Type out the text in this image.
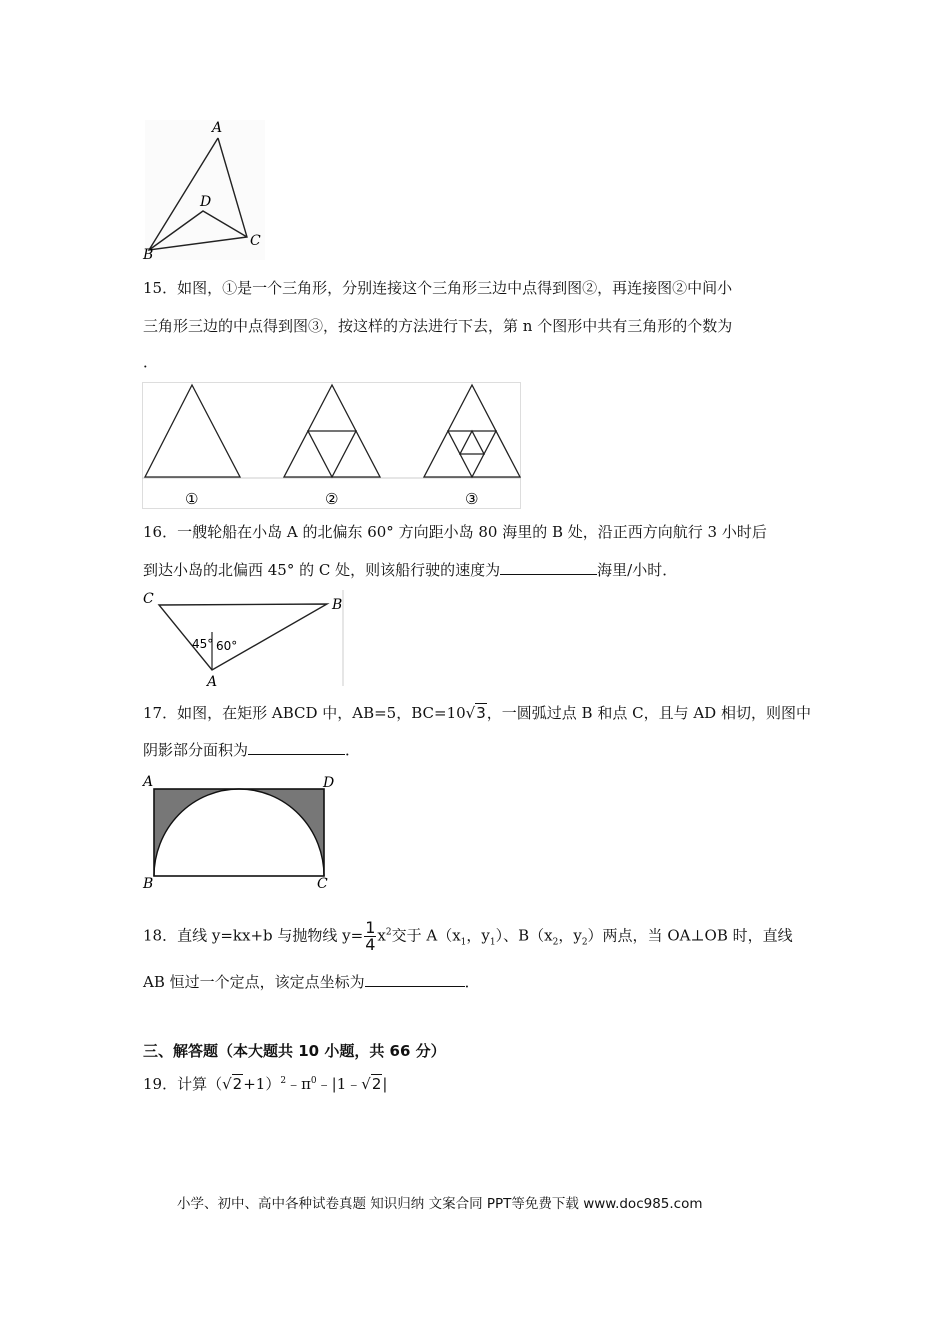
A
D
B
C
15．如图，①是一个三角形，分别连接这个三角形三边中点得到图②，再连接图②中间小
三角形三边的中点得到图③，按这样的方法进行下去，第 n 个图形中共有三角形的个数为
．
①	②	③
16．一艘轮船在小岛 A 的北偏东 60° 方向距小岛 80 海里的 B 处，沿正西方向航行 3 小时后
到达小岛的北偏西 45° 的 C 处，则该船行驶的速度为	海里/小时．
C	B
A
45° 60°
17．如图，在矩形 ABCD 中，AB=5，BC=10√3，一圆弧过点 B 和点 C，且与 AD 相切，则图中
阴影部分面积为	．
A	D
B	C
18．直线 y=kx+b 与抛物线 $y= \frac{1}{4} x^2$交于 $A(x_1$，$y_1$）、$B(x_2$，$y_2$）两点，当 OA⊥OB 时，直线
AB 恒过一个定点，该定点坐标为	．
三、解答题（本大题共 10 小题，共 66 分）
19．计算$(√2+1)^2﹣\pi^0﹣|1﹣√2|$
小学、初中、高中各种试卷真题 知识归纳 文案合同 PPT等免费下载 www.doc985.com
